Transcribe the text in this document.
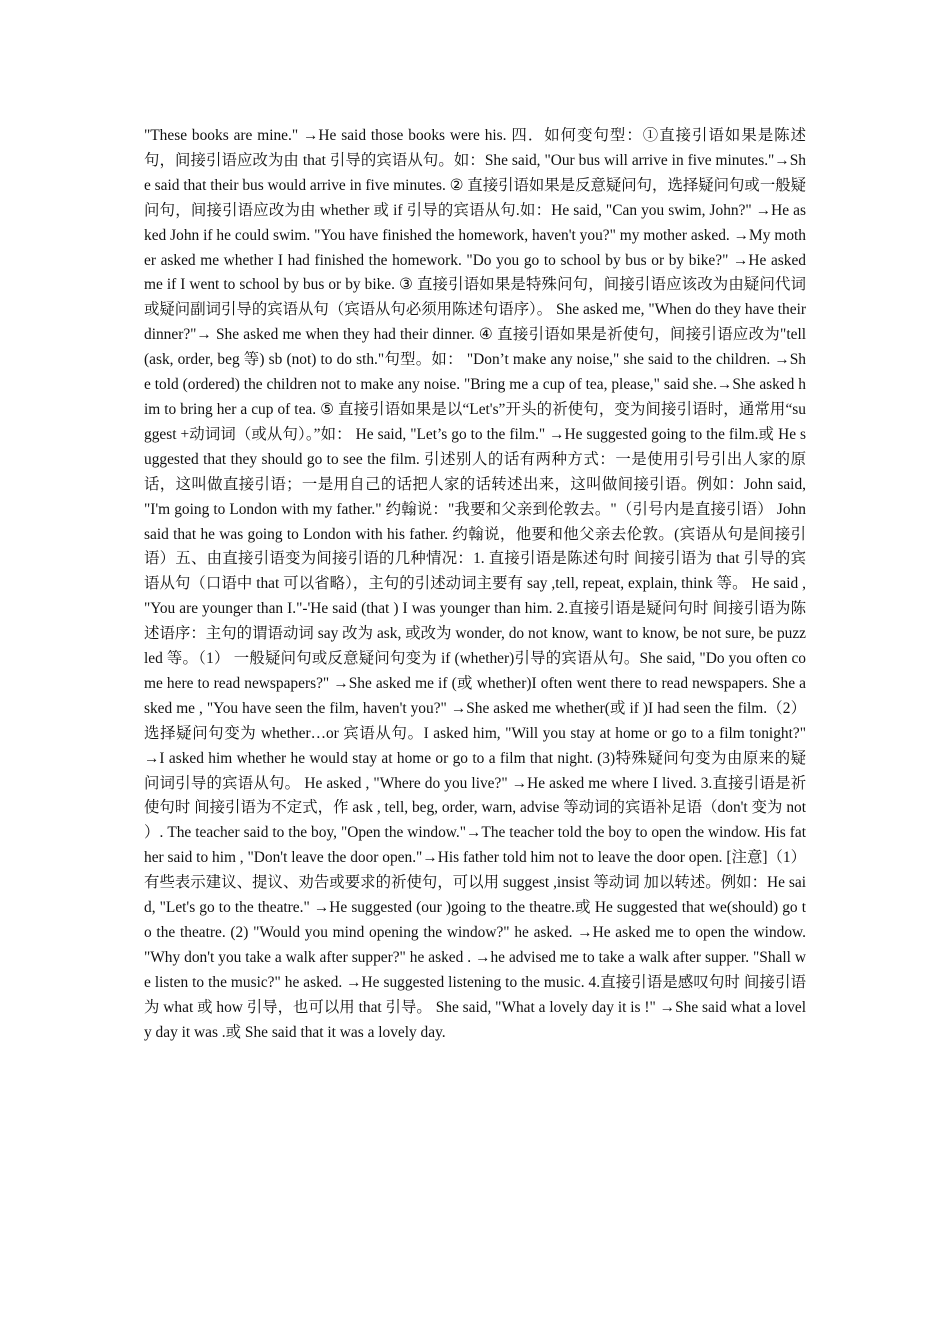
"These books are mine." →He said those books were his. 四．如何变句型：①直接引语如果是陈述句，间接引语应改为由 that 引导的宾语从句。如：She said, "Our bus will arrive in five minutes."→She said that their bus would arrive in five minutes. ② 直接引语如果是反意疑问句，选择疑问句或一般疑问句，间接引语应改为由 whether 或 if 引导的宾语从句.如：He said, "Can you swim, John?" →He asked John if he could swim. "You have finished the homework, haven't you?" my mother asked. →My mother asked me whether I had finished the homework. "Do you go to school by bus or by bike?" →He asked me if I went to school by bus or by bike. ③ 直接引语如果是特殊问句，间接引语应该改为由疑问代词或疑问副词引导的宾语从句（宾语从句必须用陈述句语序）。 She asked me, "When do they have their dinner?"→ She asked me when they had their dinner. ④ 直接引语如果是祈使句，间接引语应改为"tell(ask, order, beg 等) sb (not) to do sth."句型。如： "Don’t make any noise," she said to the children. →She told (ordered) the children not to make any noise. "Bring me a cup of tea, please," said she.→She asked him to bring her a cup of tea. ⑤ 直接引语如果是以“Let's”开头的祈使句，变为间接引语时，通常用“suggest +动词词（或从句）。”如： He said, "Let’s go to the film." →He suggested going to the film.或 He suggested that they should go to see the film. 引述别人的话有两种方式：一是使用引号引出人家的原话，这叫做直接引语；一是用自己的话把人家的话转述出来，这叫做间接引语。例如：John said, "I'm going to London with my father." 约翰说："我要和父亲到伦敦去。"（引号内是直接引语） John said that he was going to London with his father. 约翰说，他要和他父亲去伦敦。(宾语从句是间接引语）五、由直接引语变为间接引语的几种情况：1. 直接引语是陈述句时 间接引语为 that 引导的宾语从句（口语中 that 可以省略），主句的引述动词主要有 say ,tell, repeat, explain, think 等。 He said , "You are younger than I."-'He said (that ) I was younger than him. 2.直接引语是疑问句时 间接引语为陈述语序：主句的谓语动词 say 改为 ask, 或改为 wonder, do not know, want to know, be not sure, be puzzled 等。（1） 一般疑问句或反意疑问句变为 if (whether)引导的宾语从句。She said, "Do you often come here to read newspapers?" →She asked me if (或 whether)I often went there to read newspapers. She asked me , "You have seen the film, haven't you?" →She asked me whether(或 if )I had seen the film.（2） 选择疑问句变为 whether…or 宾语从句。I asked him, "Will you stay at home or go to a film tonight?" →I asked him whether he would stay at home or go to a film that night. (3)特殊疑问句变为由原来的疑问词引导的宾语从句。 He asked , "Where do you live?" →He asked me where I lived. 3.直接引语是祈使句时 间接引语为不定式，作 ask , tell, beg, order, warn, advise 等动词的宾语补足语（don't 变为 not ）. The teacher said to the boy, "Open the window."→The teacher told the boy to open the window. His father said to him , "Don't leave the door open."→His father told him not to leave the door open. [注意]（1） 有些表示建议、提议、劝告或要求的祈使句，可以用 suggest ,insist 等动词 加以转述。例如：He said, "Let's go to the theatre." →He suggested (our )going to the theatre.或 He suggested that we(should) go to the theatre. (2) "Would you mind opening the window?" he asked. →He asked me to open the window. "Why don't you take a walk after supper?" he asked . →he advised me to take a walk after supper. "Shall we listen to the music?" he asked. →He suggested listening to the music. 4.直接引语是感叹句时 间接引语为 what 或 how 引导，也可以用 that 引导。 She said, "What a lovely day it is !" →She said what a lovely day it was .或 She said that it was a lovely day.
